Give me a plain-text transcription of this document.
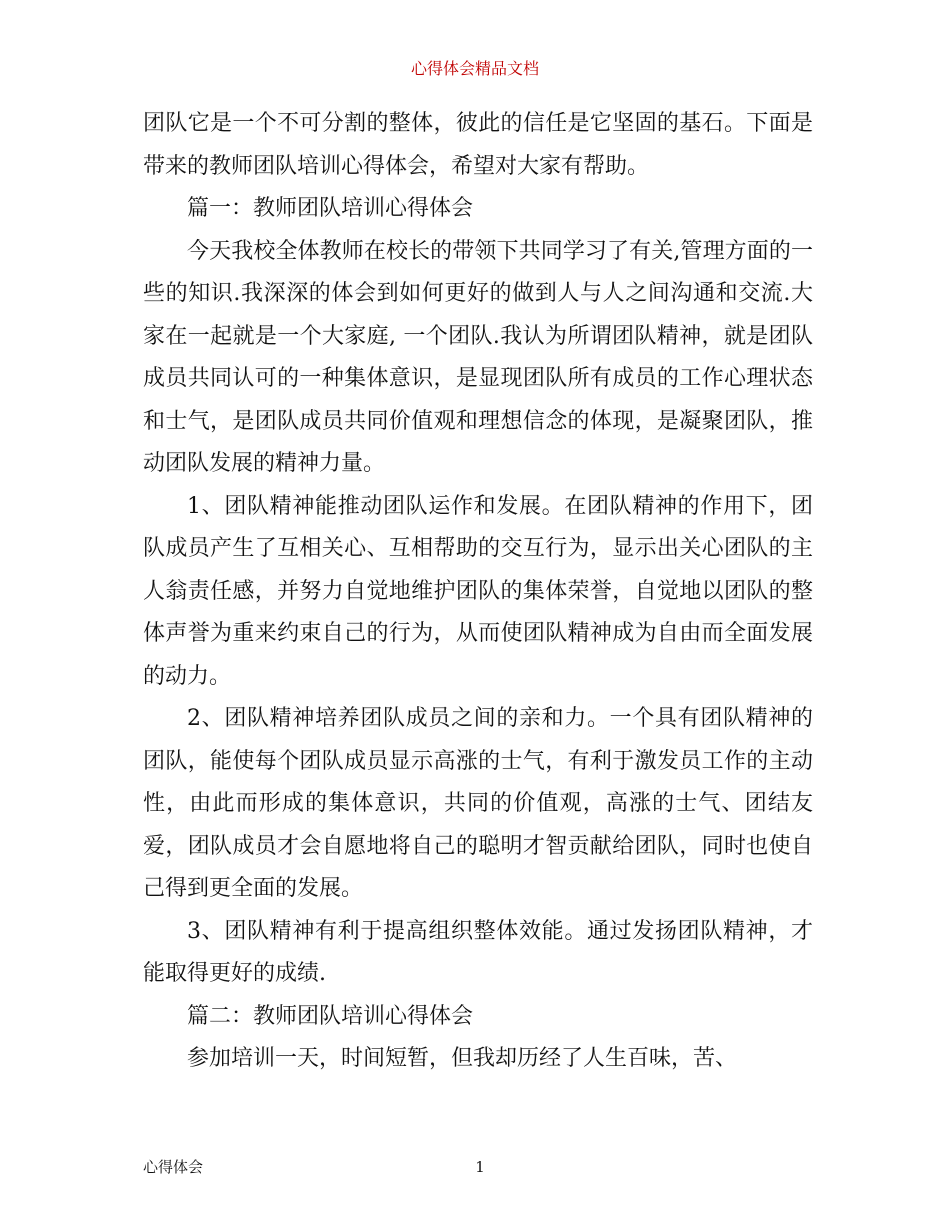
心得体会精品文档

团队它是一个不可分割的整体，彼此的信任是它坚固的基石。下面是带来的教师团队培训心得体会，希望对大家有帮助。

篇一：教师团队培训心得体会

今天我校全体教师在校长的带领下共同学习了有关,管理方面的一些的知识.我深深的体会到如何更好的做到人与人之间沟通和交流.大家在一起就是一个大家庭, 一个团队.我认为所谓团队精神，就是团队成员共同认可的一种集体意识，是显现团队所有成员的工作心理状态和士气，是团队成员共同价值观和理想信念的体现，是凝聚团队，推动团队发展的精神力量。

1、团队精神能推动团队运作和发展。在团队精神的作用下，团队成员产生了互相关心、互相帮助的交互行为，显示出关心团队的主人翁责任感，并努力自觉地维护团队的集体荣誉，自觉地以团队的整体声誉为重来约束自己的行为，从而使团队精神成为自由而全面发展的动力。

2、团队精神培养团队成员之间的亲和力。一个具有团队精神的团队，能使每个团队成员显示高涨的士气，有利于激发员工作的主动性，由此而形成的集体意识，共同的价值观，高涨的士气、团结友爱，团队成员才会自愿地将自己的聪明才智贡献给团队，同时也使自己得到更全面的发展。

3、团队精神有利于提高组织整体效能。通过发扬团队精神，才能取得更好的成绩.

篇二：教师团队培训心得体会

参加培训一天，时间短暂，但我却历经了人生百味，苦、

心得体会	1
